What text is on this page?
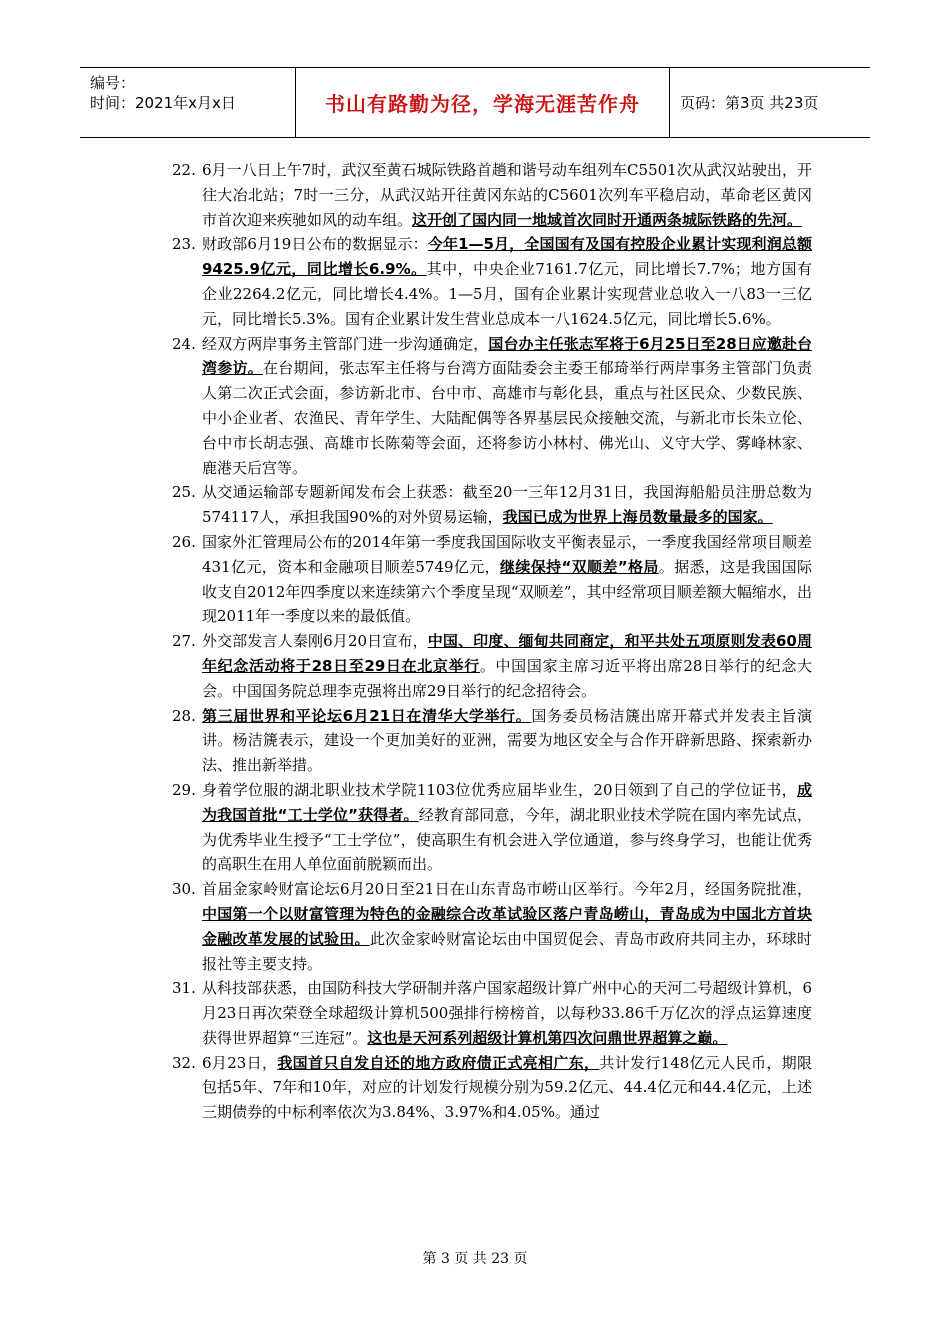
编号：
时间：2021年x月x日	书山有路勤为径，学海无涯苦作舟	页码：第3页 共23页
22. 6月一八日上午7时，武汉至黄石城际铁路首趟和谐号动车组列车C5501次从武汉站驶出，开往大冶北站；7时一三分，从武汉站开往黄冈东站的C5601次列车平稳启动，革命老区黄冈市首次迎来疾驰如风的动车组。这开创了国内同一地域首次同时开通两条城际铁路的先河。
23. 财政部6月19日公布的数据显示：今年1—5月，全国国有及国有控股企业累计实现利润总额9425.9亿元，同比增长6.9%。其中，中央企业7161.7亿元，同比增长7.7%；地方国有企业2264.2亿元，同比增长4.4%。1—5月，国有企业累计实现营业总收入一八83一三亿元，同比增长5.3%。国有企业累计发生营业总成本一八1624.5亿元，同比增长5.6%。
24. 经双方两岸事务主管部门进一步沟通确定，国台办主任张志军将于6月25日至28日应邀赴台湾参访。在台期间，张志军主任将与台湾方面陆委会主委王郁琦举行两岸事务主管部门负责人第二次正式会面，参访新北市、台中市、高雄市与彰化县，重点与社区民众、少数民族、中小企业者、农渔民、青年学生、大陆配偶等各界基层民众接触交流，与新北市长朱立伦、台中市长胡志强、高雄市长陈菊等会面，还将参访小林村、佛光山、义守大学、雾峰林家、鹿港天后宫等。
25. 从交通运输部专题新闻发布会上获悉：截至20一三年12月31日，我国海船船员注册总数为574117人，承担我国90%的对外贸易运输，我国已成为世界上海员数量最多的国家。
26. 国家外汇管理局公布的2014年第一季度我国国际收支平衡表显示，一季度我国经常项目顺差431亿元，资本和金融项目顺差5749亿元，继续保持“双顺差”格局。据悉，这是我国国际收支自2012年四季度以来连续第六个季度呈现“双顺差”，其中经常项目顺差额大幅缩水，出现2011年一季度以来的最低值。
27. 外交部发言人秦刚6月20日宣布，中国、印度、缅甸共同商定，和平共处五项原则发表60周年纪念活动将于28日至29日在北京举行。中国国家主席习近平将出席28日举行的纪念大会。中国国务院总理李克强将出席29日举行的纪念招待会。
28. 第三届世界和平论坛6月21日在清华大学举行。国务委员杨洁篪出席开幕式并发表主旨演讲。杨洁篪表示，建设一个更加美好的亚洲，需要为地区安全与合作开辟新思路、探索新办法、推出新举措。
29. 身着学位服的湖北职业技术学院1103位优秀应届毕业生，20日领到了自己的学位证书，成为我国首批“工士学位”获得者。经教育部同意，今年，湖北职业技术学院在国内率先试点，为优秀毕业生授予“工士学位”，使高职生有机会进入学位通道，参与终身学习，也能让优秀的高职生在用人单位面前脱颖而出。
30. 首届金家岭财富论坛6月20日至21日在山东青岛市崂山区举行。今年2月，经国务院批准，中国第一个以财富管理为特色的金融综合改革试验区落户青岛崂山，青岛成为中国北方首块金融改革发展的试验田。此次金家岭财富论坛由中国贸促会、青岛市政府共同主办，环球时报社等主要支持。
31. 从科技部获悉，由国防科技大学研制并落户国家超级计算广州中心的天河二号超级计算机，6月23日再次荣登全球超级计算机500强排行榜榜首，以每秒33.86千万亿次的浮点运算速度获得世界超算“三连冠”。这也是天河系列超级计算机第四次问鼎世界超算之巅。
32. 6月23日，我国首只自发自还的地方政府债正式亮相广东，共计发行148亿元人民币，期限包括5年、7年和10年，对应的计划发行规模分别为59.2亿元、44.4亿元和44.4亿元，上述三期债券的中标利率依次为3.84%、3.97%和4.05%。通过
第 3 页 共 23 页
